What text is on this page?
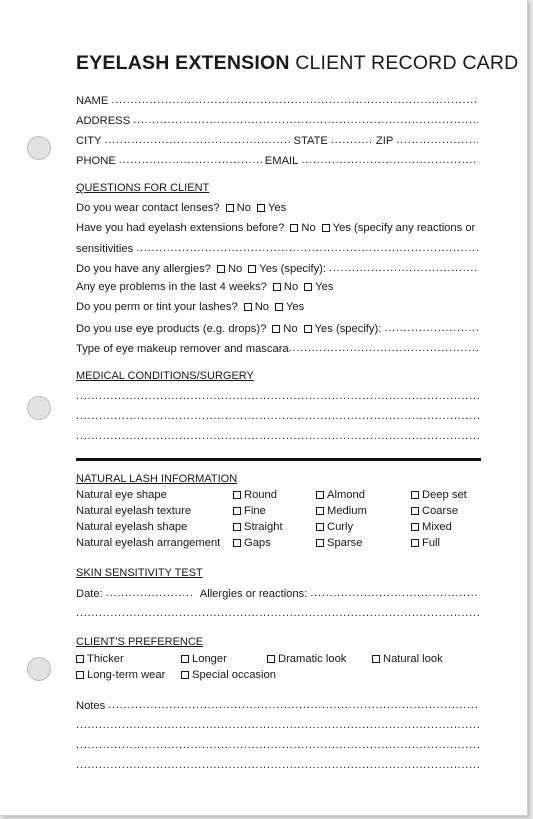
EYELASH EXTENSION CLIENT RECORD CARD
NAME
. . .
ADDRESS
. . .
CITY . . .	STATE . . .	ZIP
. . .
PHONE . . .	EMAIL
. . .
QUESTIONS FOR CLIENT
Do you wear contact lenses? No Yes
Have you had eyelash extensions before? No Yes (specify any reactions or
sensitivities
. . .
Do you have any allergies?	No Yes (specify):
. . .
Any eye problems in the last 4 weeks? No Yes
Do you perm or tint your lashes? No Yes
Do you use eye products (e.g. drops)?	No Yes (specify):
. . .
Type of eye makeup remover and mascara
. . .
MEDICAL CONDITIONS/SURGERY
. . .
. . .
. . .
NATURAL LASH INFORMATION
Natural eye shape	Round	Almond	Deep set
Natural eyelash texture	Fine	Medium	Coarse
Natural eyelash shape	Straight	Curly	Mixed
Natural eyelash arrangement	Gaps	Sparse	Full
SKIN SENSITIVITY TEST
Date: . . .	Allergies or reactions:
. . .
. . .
CLIENT’S PREFERENCE
Thicker	Longer	Dramatic look	Natural look
Long-term wear	Special occasion
Notes
. . .
. . .
. . .
. . .
